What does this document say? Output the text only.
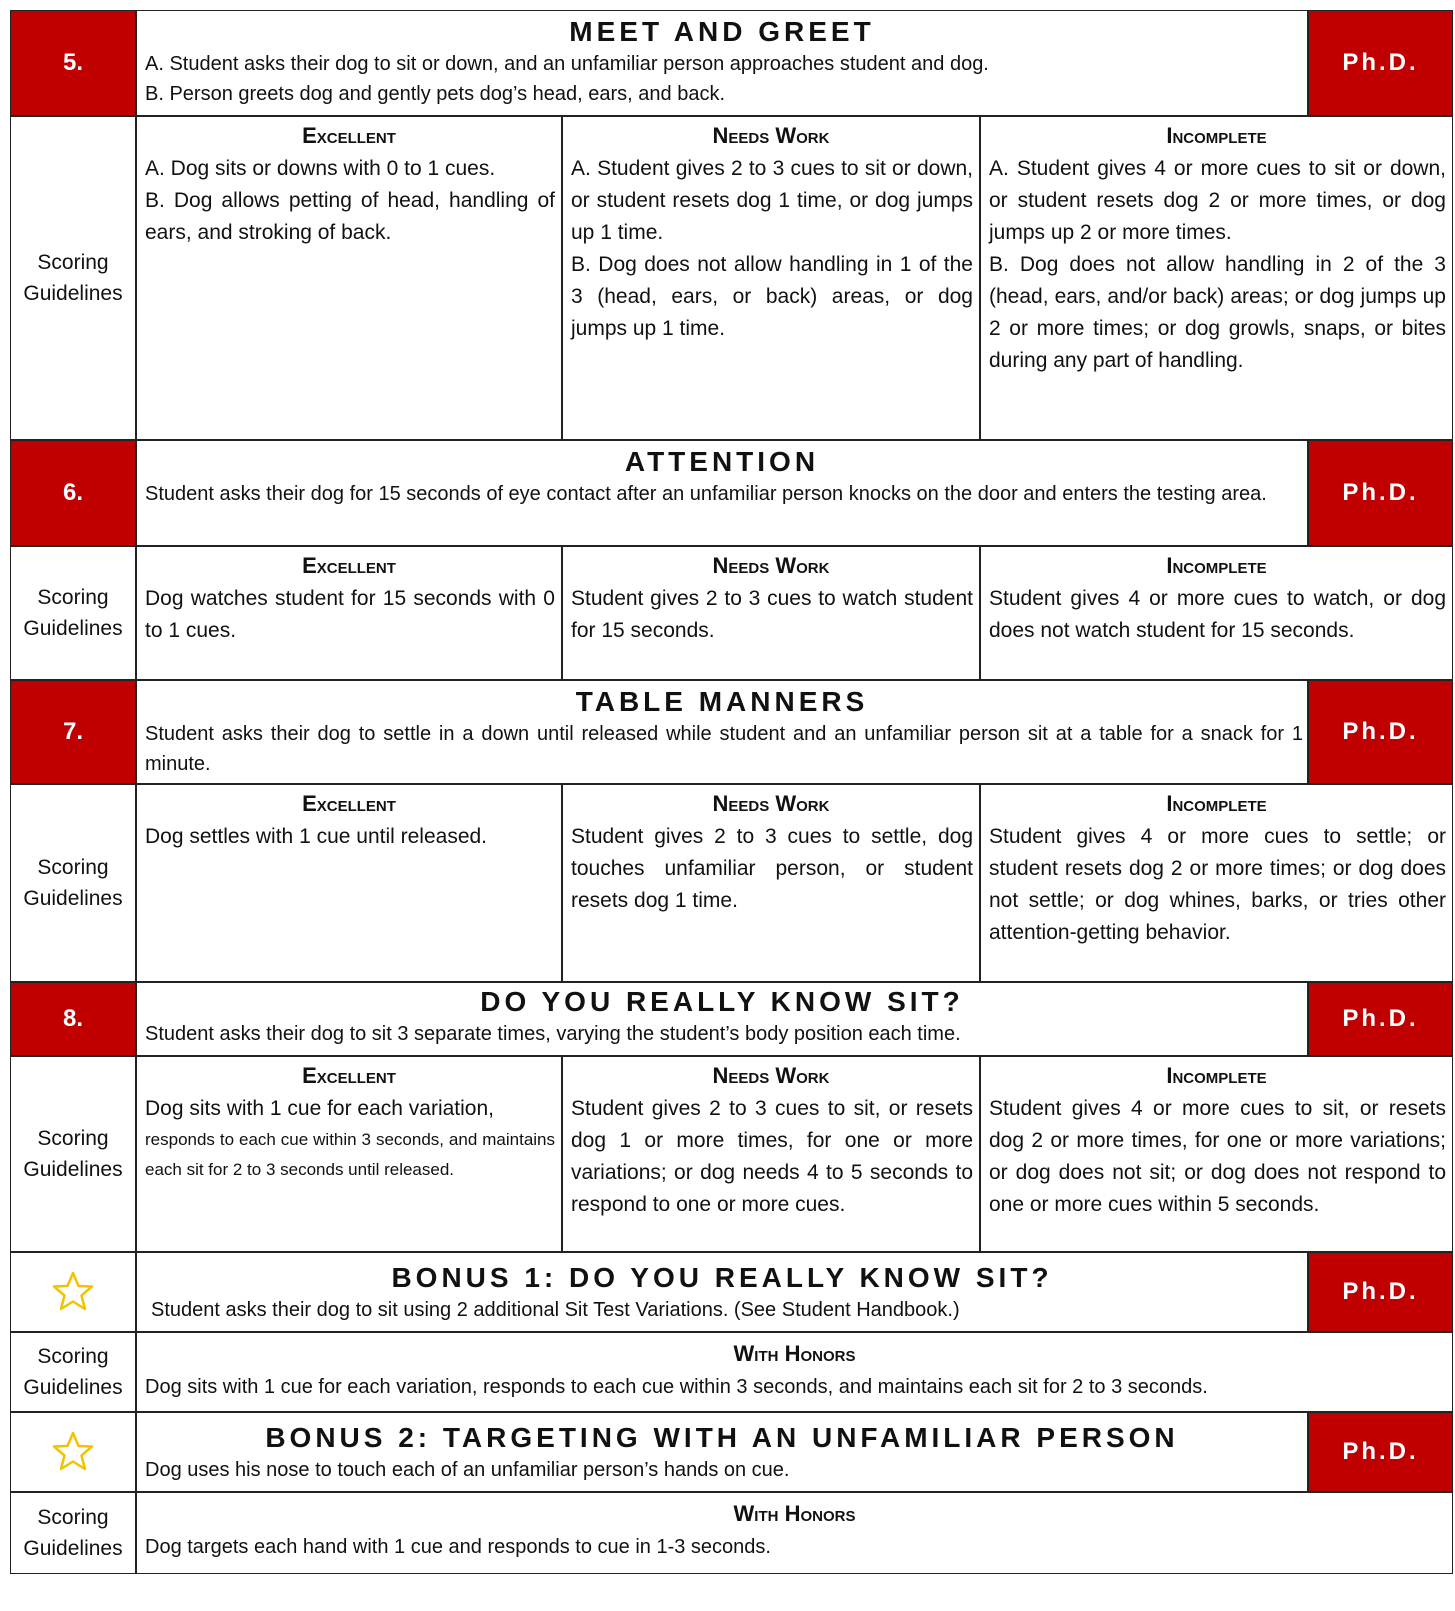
5.
MEET AND GREET
A. Student asks their dog to sit or down, and an unfamiliar person approaches student and dog.
B. Person greets dog and gently pets dog’s head, ears, and back.
Ph.D.
Scoring Guidelines
Excellent
A. Dog sits or downs with 0 to 1 cues.
B. Dog allows petting of head, handling of ears, and stroking of back.
Needs Work
A. Student gives 2 to 3 cues to sit or down, or student resets dog 1 time, or dog jumps up 1 time.
B. Dog does not allow handling in 1 of the 3 (head, ears, or back) areas, or dog jumps up 1 time.
Incomplete
A. Student gives 4 or more cues to sit or down, or student resets dog 2 or more times, or dog jumps up 2 or more times.
B. Dog does not allow handling in 2 of the 3 (head, ears, and/or back) areas; or dog jumps up 2 or more times; or dog growls, snaps, or bites during any part of handling.
6.
ATTENTION
Student asks their dog for 15 seconds of eye contact after an unfamiliar person knocks on the door and enters the testing area.	Ph.D.
Scoring Guidelines
Excellent
Dog watches student for 15 seconds with 0 to 1 cues.
Needs Work
Student gives 2 to 3 cues to watch student for 15 seconds.
Incomplete
Student gives 4 or more cues to watch, or dog does not watch student for 15 seconds.
7.
TABLE MANNERS
Student asks their dog to settle in a down until released while student and an unfamiliar person sit at a table for a snack for 1 minute.
Ph.D.
Scoring Guidelines
Excellent
Dog settles with 1 cue until released.
Needs Work
Student gives 2 to 3 cues to settle, dog touches unfamiliar person, or student resets dog 1 time.
Incomplete
Student gives 4 or more cues to settle; or student resets dog 2 or more times; or dog does not settle; or dog whines, barks, or tries other attention-getting behavior.
8.
DO YOU REALLY KNOW SIT?
Student asks their dog to sit 3 separate times, varying the student’s body position each time.
Ph.D.
Scoring Guidelines
Excellent
Dog sits with 1 cue for each variation,
responds to each cue within 3 seconds, and maintains each sit for 2 to 3 seconds until released.
Needs Work
Student gives 2 to 3 cues to sit, or resets dog 1 or more times, for one or more variations; or dog needs 4 to 5 seconds to respond to one or more cues.
Incomplete
Student gives 4 or more cues to sit, or resets dog 2 or more times, for one or more variations; or dog does not sit; or dog does not respond to one or more cues within 5 seconds.
BONUS 1: DO YOU REALLY KNOW SIT?
Student asks their dog to sit using 2 additional Sit Test Variations. (See Student Handbook.)
Ph.D.
Scoring Guidelines
With Honors
Dog sits with 1 cue for each variation, responds to each cue within 3 seconds, and maintains each sit for 2 to 3 seconds.
BONUS 2: TARGETING WITH AN UNFAMILIAR PERSON
Dog uses his nose to touch each of an unfamiliar person’s hands on cue.
Ph.D.
Scoring Guidelines
With Honors
Dog targets each hand with 1 cue and responds to cue in 1-3 seconds.
